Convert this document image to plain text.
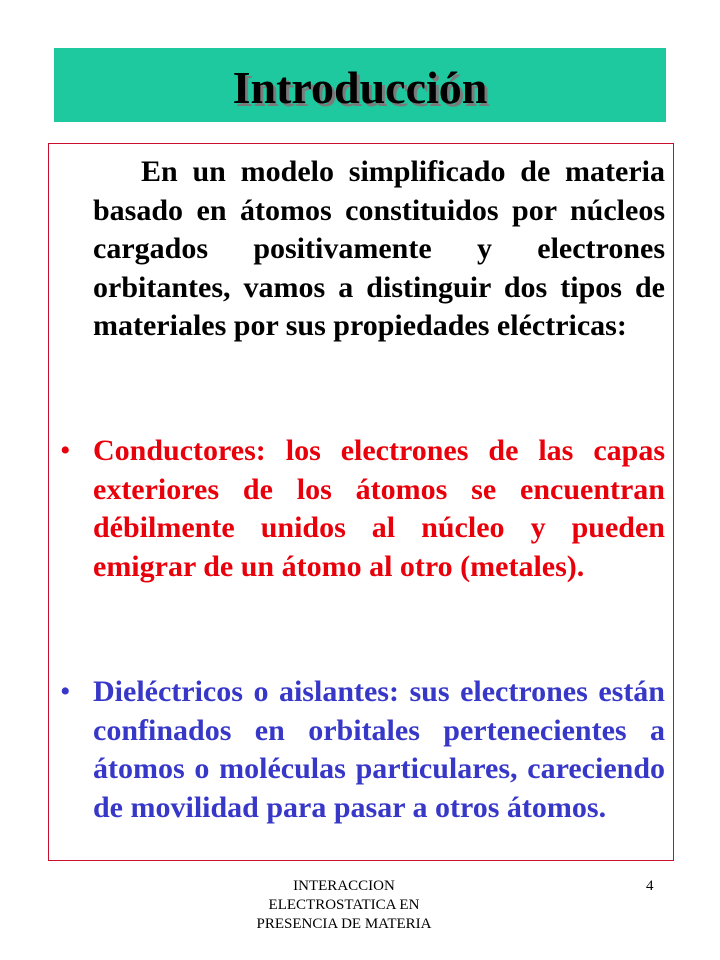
Introducción

En un modelo simplificado de materia basado en átomos constituidos por núcleos cargados positivamente y electrones orbitantes, vamos a distinguir dos tipos de materiales por sus propiedades eléctricas:

• Conductores: los electrones de las capas exteriores de los átomos se encuentran débilmente unidos al núcleo y pueden emigrar de un átomo al otro (metales).

• Dieléctricos o aislantes: sus electrones están confinados en orbitales pertenecientes a átomos o moléculas particulares, careciendo de movilidad para pasar a otros átomos.

INTERACCION ELECTROSTATICA EN PRESENCIA DE MATERIA
4
